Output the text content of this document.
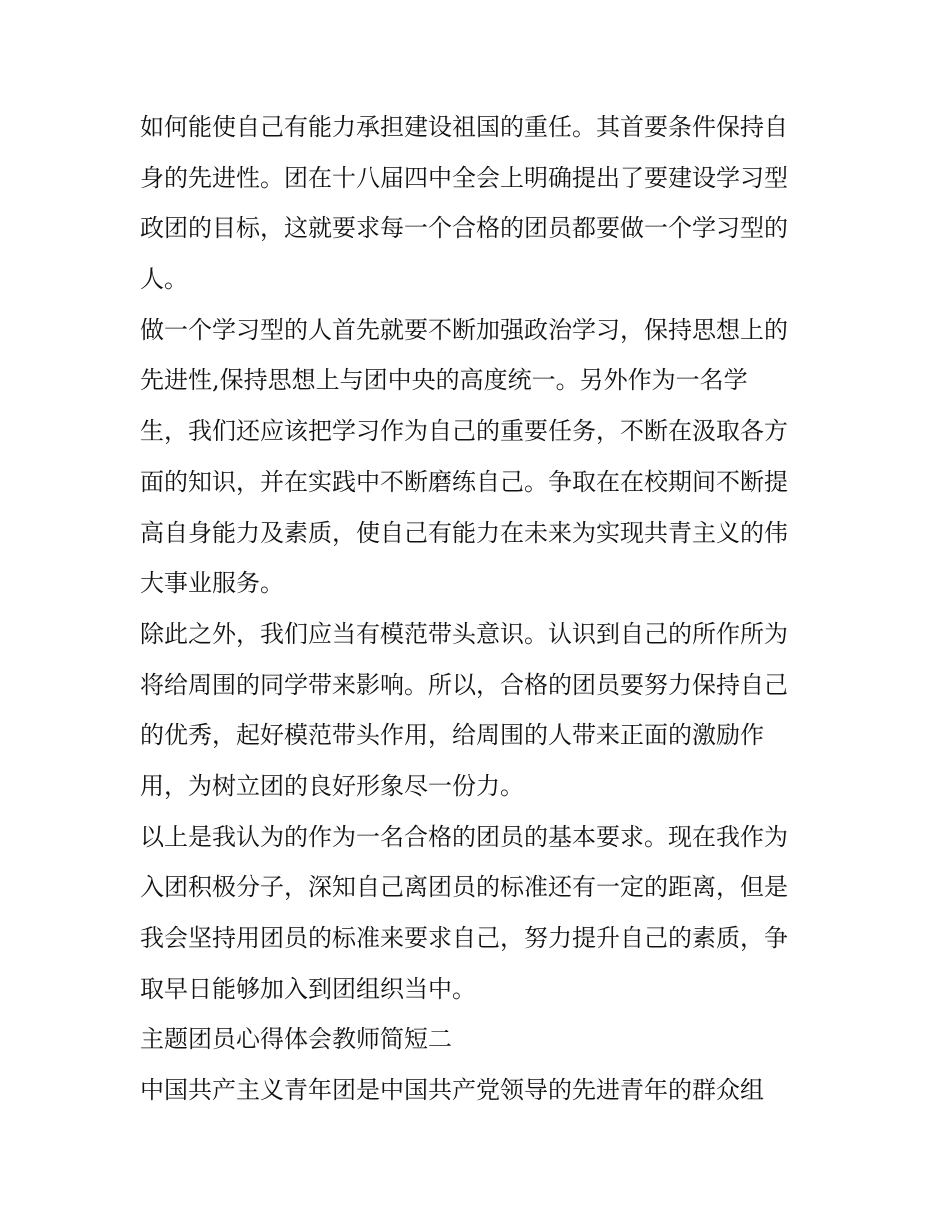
如何能使自己有能力承担建设祖国的重任。其首要条件保持自
身的先进性。团在十八届四中全会上明确提出了要建设学习型
政团的目标，这就要求每一个合格的团员都要做一个学习型的
人。
做一个学习型的人首先就要不断加强政治学习，保持思想上的
先进性,保持思想上与团中央的高度统一。另外作为一名学
生，我们还应该把学习作为自己的重要任务，不断在汲取各方
面的知识，并在实践中不断磨练自己。争取在在校期间不断提
高自身能力及素质，使自己有能力在未来为实现共青主义的伟
大事业服务。
除此之外，我们应当有模范带头意识。认识到自己的所作所为
将给周围的同学带来影响。所以，合格的团员要努力保持自己
的优秀，起好模范带头作用，给周围的人带来正面的激励作
用，为树立团的良好形象尽一份力。
以上是我认为的作为一名合格的团员的基本要求。现在我作为
入团积极分子，深知自己离团员的标准还有一定的距离，但是
我会坚持用团员的标准来要求自己，努力提升自己的素质，争
取早日能够加入到团组织当中。
主题团员心得体会教师简短二
中国共产主义青年团是中国共产党领导的先进青年的群众组
